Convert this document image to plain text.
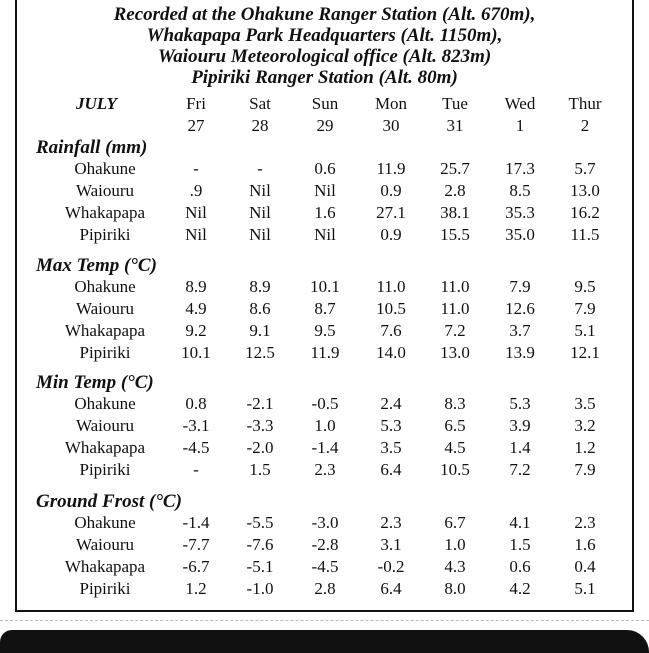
Recorded at the Ohakune Ranger Station (Alt. 670m),
Whakapapa Park Headquarters (Alt. 1150m),
Waiouru Meteorological office (Alt. 823m)
Pipiriki Ranger Station (Alt. 80m)
JULY	Fri	Sat	Sun	Mon	Tue	Wed	Thur
27	28	29	30	31	1	2
Rainfall (mm)
Ohakune	-	-	0.6	11.9	25.7	17.3	5.7
Waiouru	.9	Nil	Nil	0.9	2.8	8.5	13.0
Whakapapa	Nil	Nil	1.6	27.1	38.1	35.3	16.2
Pipiriki	Nil	Nil	Nil	0.9	15.5	35.0	11.5
Max Temp (°C)
Ohakune	8.9	8.9	10.1	11.0	11.0	7.9	9.5
Waiouru	4.9	8.6	8.7	10.5	11.0	12.6	7.9
Whakapapa	9.2	9.1	9.5	7.6	7.2	3.7	5.1
Pipiriki	10.1	12.5	11.9	14.0	13.0	13.9	12.1
Min Temp (°C)
Ohakune	0.8	-2.1	-0.5	2.4	8.3	5.3	3.5
Waiouru	-3.1	-3.3	1.0	5.3	6.5	3.9	3.2
Whakapapa	-4.5	-2.0	-1.4	3.5	4.5	1.4	1.2
Pipiriki	-	1.5	2.3	6.4	10.5	7.2	7.9
Ground Frost (°C)
Ohakune	-1.4	-5.5	-3.0	2.3	6.7	4.1	2.3
Waiouru	-7.7	-7.6	-2.8	3.1	1.0	1.5	1.6
Whakapapa	-6.7	-5.1	-4.5	-0.2	4.3	0.6	0.4
Pipiriki	1.2	-1.0	2.8	6.4	8.0	4.2	5.1
